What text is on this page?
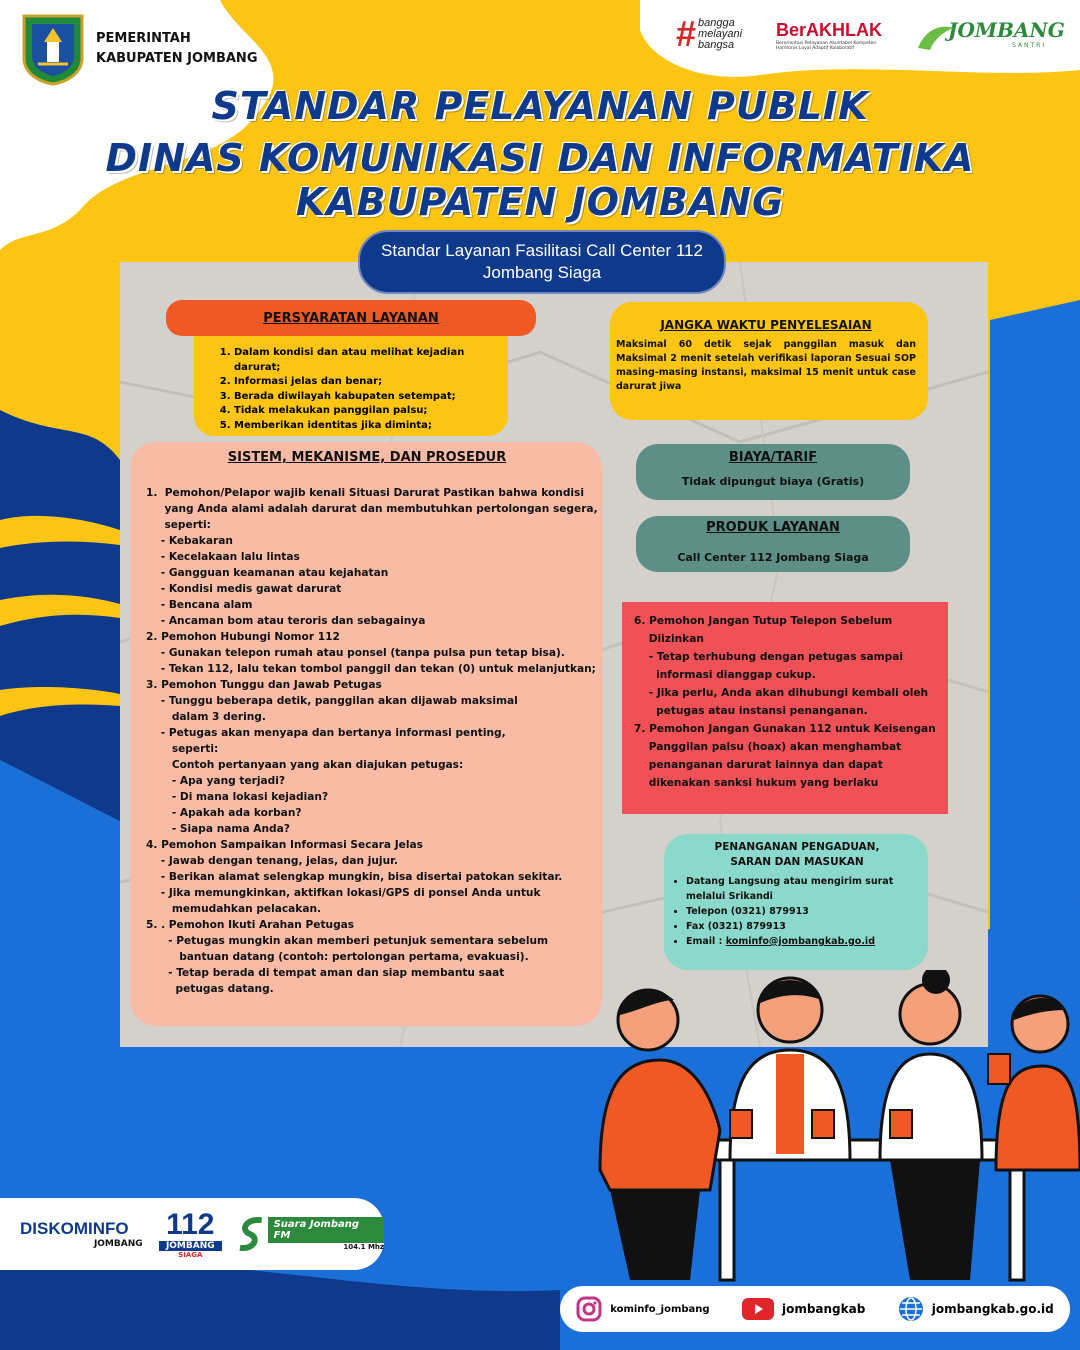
PEMERINTAH
KABUPATEN JOMBANG
# bangga
melayani
bangsa
BerAKHLAK
Berorientasi Pelayanan Akuntabel Kompeten
Harmonis Loyal Adaptif Kolaboratif
JOMBANG
SANTRI
STANDAR PELAYANAN PUBLIK
DINAS KOMUNIKASI DAN INFORMATIKA KABUPATEN JOMBANG
Standar Layanan Fasilitasi Call Center 112
Jombang Siaga
1. Dalam kondisi dan atau melihat kejadian darurat;
2. Informasi jelas dan benar;
3. Berada diwilayah kabupaten setempat;
4. Tidak melakukan panggilan palsu;
5. Memberikan identitas jika diminta;
PERSYARATAN LAYANAN	JANGKA WAKTU PENYELESAIAN

Maksimal 60 detik sejak panggilan masuk dan Maksimal 2 menit setelah verifikasi laporan Sesuai SOP masing-masing instansi, maksimal 15 menit untuk case darurat jiwa

SISTEM, MEKANISME, DAN PROSEDUR
1.  Pemohon/Pelapor wajib kenali Situasi Darurat Pastikan bahwa kondisi
yang Anda alami adalah darurat dan membutuhkan pertolongan segera,
seperti:
- Kebakaran
- Kecelakaan lalu lintas
- Gangguan keamanan atau kejahatan
- Kondisi medis gawat darurat
- Bencana alam
- Ancaman bom atau teroris dan sebagainya
2. Pemohon Hubungi Nomor 112
- Gunakan telepon rumah atau ponsel (tanpa pulsa pun tetap bisa).
- Tekan 112, lalu tekan tombol panggil dan tekan (0) untuk melanjutkan;
3. Pemohon Tunggu dan Jawab Petugas
- Tunggu beberapa detik, panggilan akan dijawab maksimal
dalam 3 dering.
- Petugas akan menyapa dan bertanya informasi penting,
seperti:
Contoh pertanyaan yang akan diajukan petugas:
- Apa yang terjadi?
- Di mana lokasi kejadian?
- Apakah ada korban?
- Siapa nama Anda?
4. Pemohon Sampaikan Informasi Secara Jelas
- Jawab dengan tenang, jelas, dan jujur.
- Berikan alamat selengkap mungkin, bisa disertai patokan sekitar.
- Jika memungkinkan, aktifkan lokasi/GPS di ponsel Anda untuk
memudahkan pelacakan.
5. . Pemohon Ikuti Arahan Petugas
- Petugas mungkin akan memberi petunjuk sementara sebelum
bantuan datang (contoh: pertolongan pertama, evakuasi).
- Tetap berada di tempat aman dan siap membantu saat
petugas datang.
BIAYA/TARIF

Tidak dipungut biaya (Gratis)

PRODUK LAYANAN

Call Center 112 Jombang Siaga

6. Pemohon Jangan Tutup Telepon Sebelum
Diizinkan
- Tetap terhubung dengan petugas sampai
informasi dianggap cukup.
- Jika perlu, Anda akan dihubungi kembali oleh
petugas atau instansi penanganan.
7. Pemohon Jangan Gunakan 112 untuk Keisengan
Panggilan palsu (hoax) akan menghambat
penanganan darurat lainnya dan dapat
dikenakan sanksi hukum yang berlaku
PENANGANAN PENGADUAN,
SARAN DAN MASUKAN
• Datang Langsung atau mengirim surat melalui Srikandi
• Telepon (0321) 879913
• Fax (0321) 879913
• Email : kominfo@jombangkab.go.id
DISKOMINFO
JOMBANG
112
JOMBANG
SIAGA
Suara Jombang FM
104.1 Mhz
kominfo_jombang	jombangkab	jombangkab.go.id
